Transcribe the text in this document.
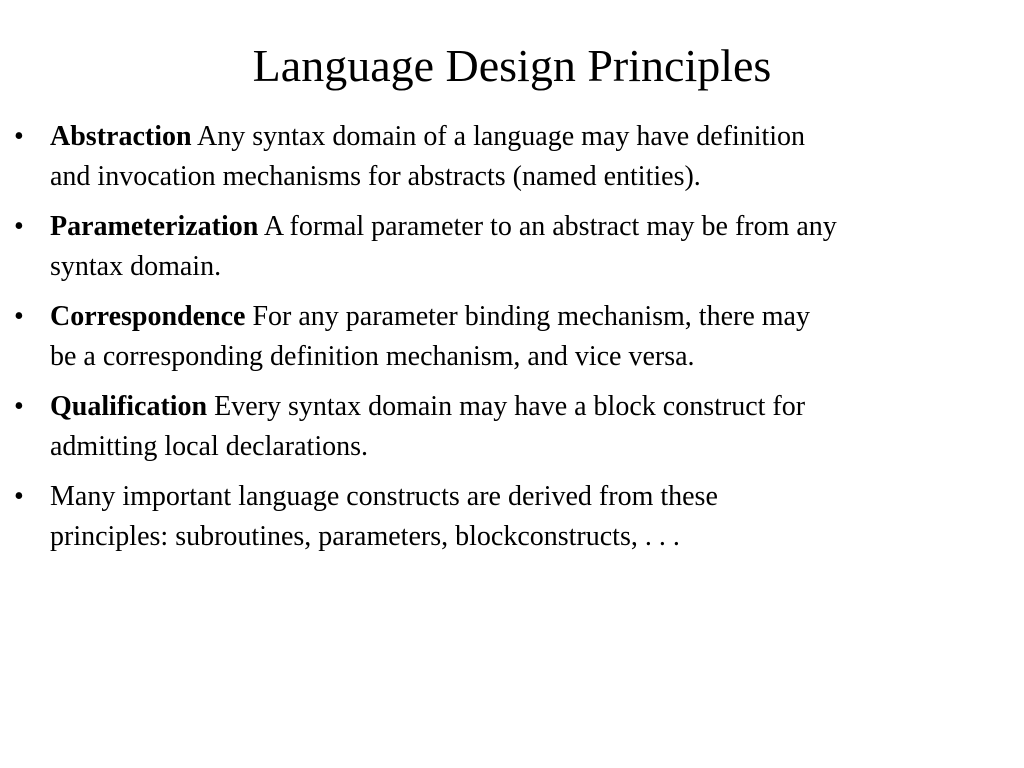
Language Design Principles
• Abstraction Any syntax domain of a language may have definition
and invocation mechanisms for abstracts (named entities).
• Parameterization A formal parameter to an abstract may be from any
syntax domain.
• Correspondence For any parameter binding mechanism, there may
be a corresponding definition mechanism, and vice versa.
• Qualification Every syntax domain may have a block construct for
admitting local declarations.
• Many important language constructs are derived from these
principles: subroutines, parameters, blockconstructs, . . .
